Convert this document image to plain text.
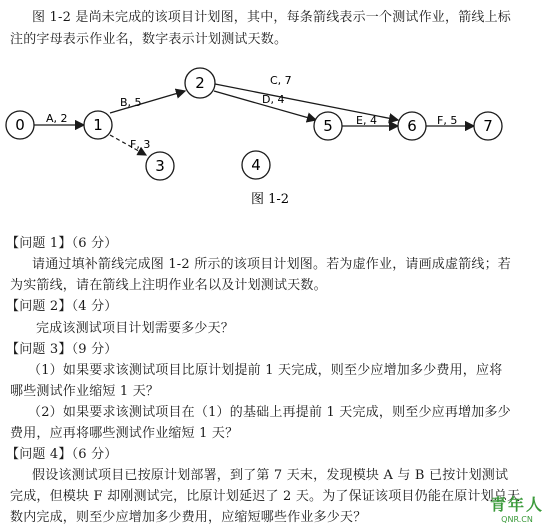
图 1-2 是尚未完成的该项目计划图，其中，每条箭线表示一个测试作业，箭线上标
注的字母表示作业名，数字表示计划测试天数。
A, 2
B, 5
F, 3
C, 7
D, 4
E, 4	F, 5
0	1
2
3	4
5	6	7
图 1-2
【问题 1】（6 分）
请通过填补箭线完成图 1-2 所示的该项目计划图。若为虚作业，请画成虚箭线；若
为实箭线，请在箭线上注明作业名以及计划测试天数。
【问题 2】（4 分）
完成该测试项目计划需要多少天？
【问题 3】（9 分）
（1）如果要求该测试项目比原计划提前 1 天完成，则至少应增加多少费用，应将
哪些测试作业缩短 1 天？
（2）如果要求该测试项目在（1）的基础上再提前 1 天完成，则至少应再增加多少
费用，应再将哪些测试作业缩短 1 天？
【问题 4】（6 分）
假设该测试项目已按原计划部署，到了第 7 天末，发现模块 A 与 B 已按计划测试
完成，但模块 F 却刚测试完，比原计划延迟了 2 天。为了保证该项目仍能在原计划总天
数内完成，则至少应增加多少费用，应缩短哪些作业多少天？
青年人
QNR.CN
